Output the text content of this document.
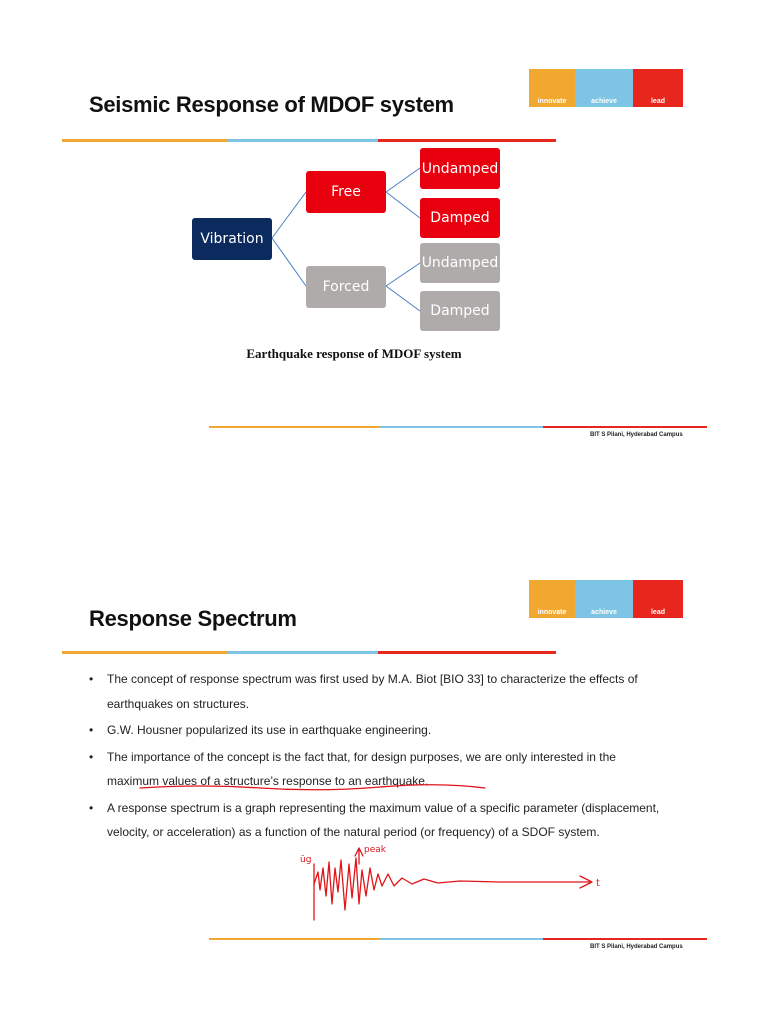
Seismic Response of MDOF system	innovate	achieve	lead
Vibration
Free
Forced
Undamped
Damped
Undamped
Damped
Earthquake response of MDOF system
BIT S Pilani, Hyderabad Campus
Response Spectrum	innovate	achieve	lead
• The concept of response spectrum was first used by M.A. Biot [BIO 33] to characterize the effects of earthquakes on structures.
• G.W. Housner popularized its use in earthquake engineering.
• The importance of the concept is the fact that, for design purposes, we are only interested in the maximum values of a structure’s response to an earthquake.
• A response spectrum is a graph representing the maximum value of a specific parameter (displacement, velocity, or acceleration) as a function of the natural period (or frequency) of a SDOF system.
peak
üg
t
BIT S Pilani, Hyderabad Campus
